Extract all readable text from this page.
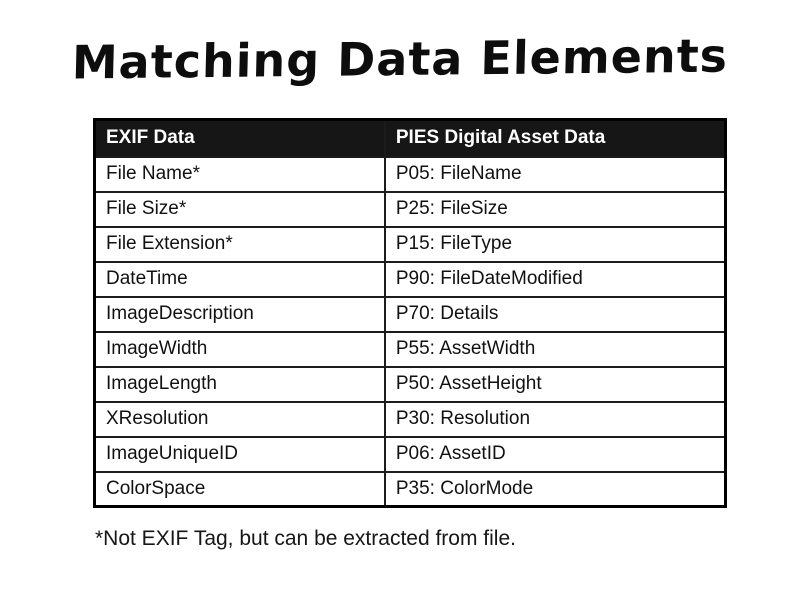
Matching Data Elements
EXIF Data	PIES Digital Asset Data
File Name*	P05: FileName
File Size*	P25: FileSize
File Extension*	P15: FileType
DateTime	P90: FileDateModified
ImageDescription	P70: Details
ImageWidth	P55: AssetWidth
ImageLength	P50: AssetHeight
XResolution	P30: Resolution
ImageUniqueID	P06: AssetID
ColorSpace	P35: ColorMode
*Not EXIF Tag, but can be extracted from file.
